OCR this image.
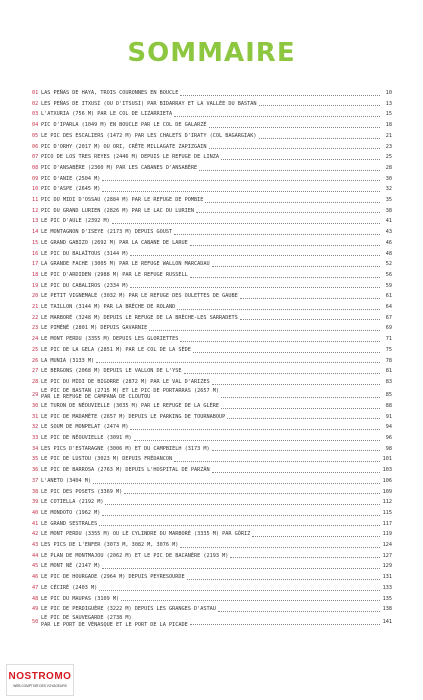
SOMMAIRE
01 LAS PEÑAS DE HAYA, TROIS COURONNES EN BOUCLE	10
02 LES PEÑAS DE ITXUSI (OU D'ITSUSI) PAR BIDARRAY ET LA VALLÉE DU BASTAN	13
03 L'ATXURIA (756 M) PAR LE COL DE LIZARRIETA	15
04 PIC D'IPARLA (1049 M) EN BOUCLE PAR LE COL DE GALARZÉ	18
05 LE PIC DES ESCALIERS (1472 M) PAR LES CHALETS D'IRATY (COL BAGARGIAK)	21
06 PIC D'ORHY (2017 M) OU ORI, CRÊTE MILLAGATE ZAPIZGAIN	23
07 PICO DE LOS TRES REYES (2446 M) DEPUIS LE REFUGE DE LINZA	25
08 PIC D'ANSABÈRE (2360 M) PAR LES CABANES D'ANSABÈRE	28
09 PIC D'ANIE (2504 M)	30
10 PIC D'ASPE (2645 M)	32
11 PIC DU MIDI D'OSSAU (2884 M) PAR LE REFUGE DE POMBIE	35
12 PIC DU GRAND LURIEN (2826 M) PAR LE LAC DU LURIEN	38
13 LE PIC D'AULE (2392 M)	41
14 LE MONTAGNON D'ISEYE (2173 M) DEPUIS GOUST	43
15 LE GRAND GABIZO (2692 M) PAR LA CABANE DE LARUE	46
16 LE PIC DU BALAÏTOUS (3144 M)	48
17 LA GRANDE FACHE (3005 M) PAR LE REFUGE WALLON MARCADAU	52
18 LE PIC D'ARDIDEN (2988 M) PAR LE REFUGE RUSSELL	56
19 LE PIC DU CABALIROS (2334 M)	59
20 LE PETIT VIGNEMALE (3032 M) PAR LE REFUGE DES OULETTES DE GAUBE	61
21 LE TAILLON (3144 M) PAR LA BRÈCHE DE ROLAND	64
22 LE MARBORÉ (3248 M) DEPUIS LE REFUGE DE LA BRÈCHE-LES SARRADETS	67
23 LE PIMÉNÉ (2801 M) DEPUIS GAVARNIE	69
24 LE MONT PERDU (3355 M) DEPUIS LES GLORIETTES	71
25 LE PIC DE LA GELA (2851 M) PAR LE COL DE LA SÈDE	75
26 LA MUNIA (3133 M)	78
27 LE BERGONS (2068 M) DEPUIS LE VALLON DE L'YSE	81
28 LE PIC DU MIDI DE BIGORRE (2872 M) PAR LE VAL D'ARIZES	83
29
LE PIC DE BASTAN (2715 M) ET LE PIC DE PORTARRAS (2657 M)
PAR LE REFUGE DE CAMPANA DE CLOUTOU	85
30 LE TURON DE NÉOUVIELLE (3035 M) PAR LE REFUGE DE LA GLÈRE	88
31 LE PIC DE MADAMÈTE (2657 M) DEPUIS LE PARKING DE TOURNABOUP	91
32 LE SOUM DE MONPELAT (2474 M)	94
33 LE PIC DE NÉOUVIELLE (3091 M)	96
34 LES PICS D'ESTARAGNE (3006 M) ET DU CAMPBIELH (3173 M)	98
35 LE PIC DE LUSTOU (3023 M) DEPUIS FRÉDANCON	101
36 LE PIC DE BARROSA (2763 M) DEPUIS L'HOSPITAL DE PARZÁN	103
37 L'ANETO (3404 M)	106
38 LE PIC DES POSETS (3369 M)	109
39 LE COTIELLA (2192 M)	112
40 LE MONDOTO (1962 M)	115
41 LE GRAND SESTRALES	117
42 LE MONT PERDU (3355 M) OU LE CYLINDRE DU MARBORÉ (3335 M) PAR GÓRIZ	119
43 LES PICS DE L'ENFER (3073 M, 3082 M, 3076 M)	124
44 LE PLAN DE MONTMAJOU (2062 M) ET LE PIC DE BACANÈRE (2193 M)	127
45 LE MONT NÉ (2147 M)	129
46 LE PIC DE HOURGADE (2964 M) DEPUIS PEYRESOURDE	131
47 LE CÉCIRÉ (2403 M)	133
48 LE PIC DU MAUPAS (3109 M)	135
49 LE PIC DE PERDIGUÈRE (3222 M) DEPUIS LES GRANGES D'ASTAU	138
50
LE PIC DE SAUVEGARDE (2738 M)
PAR LE PORT DE VÉNASQUE ET LE PORT DE LA PICADE	141
NOSTROMO
WEB COMPTOIR DES VOYAGEURS
